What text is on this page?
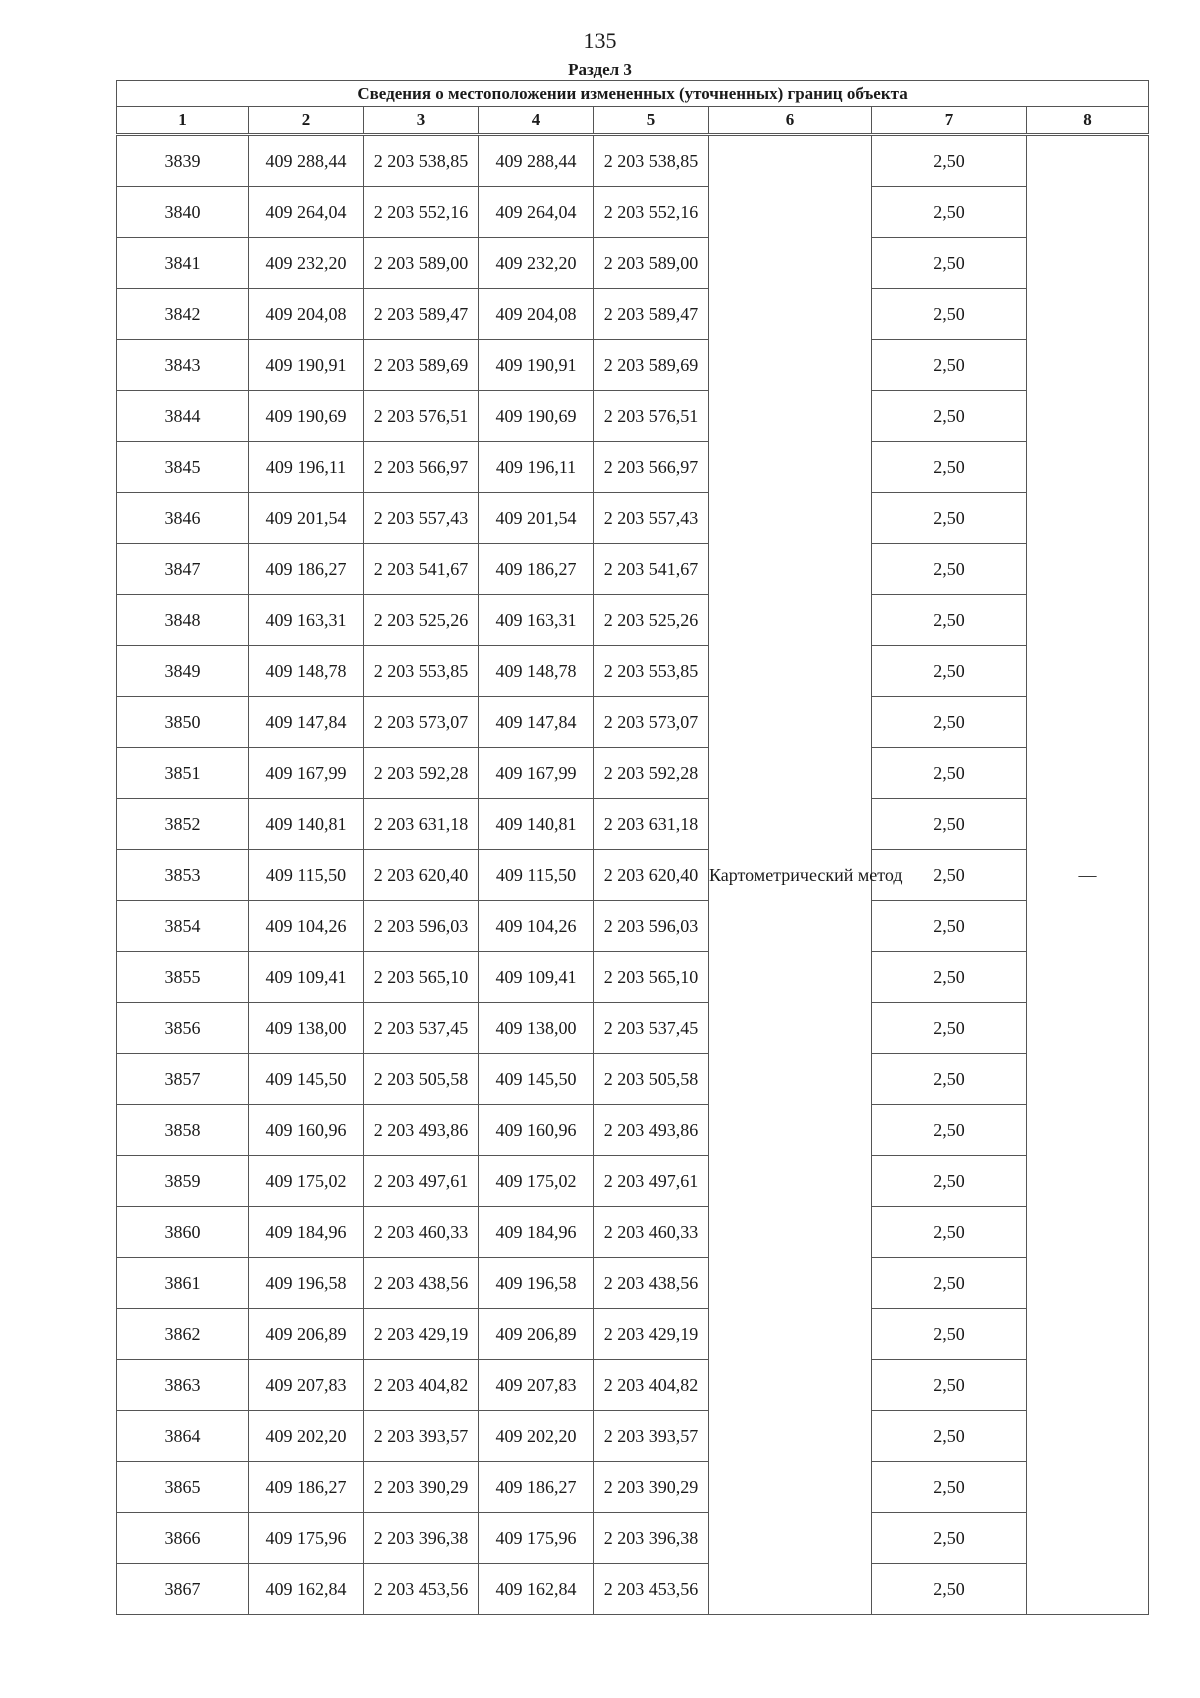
135
Раздел 3
Сведения о местоположении измененных (уточненных) границ объекта							
1	2	3	4	5	6	7	8
3839	409 288,44	2 203 538,85	409 288,44	2 203 538,85	Картометрический метод	2,50	—
3840	409 264,04	2 203 552,16	409 264,04	2 203 552,16		2,50	
3841	409 232,20	2 203 589,00	409 232,20	2 203 589,00		2,50	
3842	409 204,08	2 203 589,47	409 204,08	2 203 589,47		2,50	
3843	409 190,91	2 203 589,69	409 190,91	2 203 589,69		2,50	
3844	409 190,69	2 203 576,51	409 190,69	2 203 576,51		2,50	
3845	409 196,11	2 203 566,97	409 196,11	2 203 566,97		2,50	
3846	409 201,54	2 203 557,43	409 201,54	2 203 557,43		2,50	
3847	409 186,27	2 203 541,67	409 186,27	2 203 541,67		2,50	
3848	409 163,31	2 203 525,26	409 163,31	2 203 525,26		2,50	
3849	409 148,78	2 203 553,85	409 148,78	2 203 553,85		2,50	
3850	409 147,84	2 203 573,07	409 147,84	2 203 573,07		2,50	
3851	409 167,99	2 203 592,28	409 167,99	2 203 592,28		2,50	
3852	409 140,81	2 203 631,18	409 140,81	2 203 631,18		2,50	
3853	409 115,50	2 203 620,40	409 115,50	2 203 620,40		2,50	
3854	409 104,26	2 203 596,03	409 104,26	2 203 596,03		2,50	
3855	409 109,41	2 203 565,10	409 109,41	2 203 565,10		2,50	
3856	409 138,00	2 203 537,45	409 138,00	2 203 537,45		2,50	
3857	409 145,50	2 203 505,58	409 145,50	2 203 505,58		2,50	
3858	409 160,96	2 203 493,86	409 160,96	2 203 493,86		2,50	
3859	409 175,02	2 203 497,61	409 175,02	2 203 497,61		2,50	
3860	409 184,96	2 203 460,33	409 184,96	2 203 460,33		2,50	
3861	409 196,58	2 203 438,56	409 196,58	2 203 438,56		2,50	
3862	409 206,89	2 203 429,19	409 206,89	2 203 429,19		2,50	
3863	409 207,83	2 203 404,82	409 207,83	2 203 404,82		2,50	
3864	409 202,20	2 203 393,57	409 202,20	2 203 393,57		2,50	
3865	409 186,27	2 203 390,29	409 186,27	2 203 390,29		2,50	
3866	409 175,96	2 203 396,38	409 175,96	2 203 396,38		2,50	
3867	409 162,84	2 203 453,56	409 162,84	2 203 453,56		2,50	
